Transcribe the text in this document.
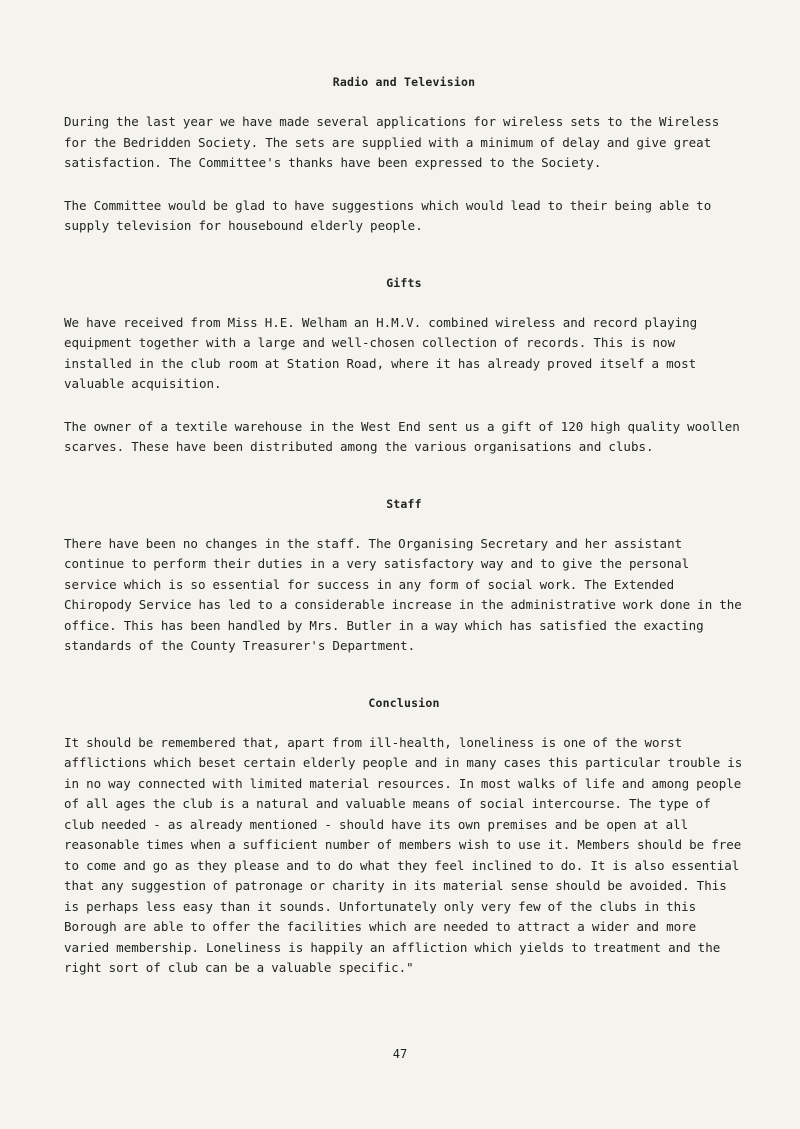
Radio and Television

During the last year we have made several applications for wireless sets to the Wireless for the Bedridden Society. The sets are supplied with a minimum of delay and give great satisfaction. The Committee's thanks have been expressed to the Society.

The Committee would be glad to have suggestions which would lead to their being able to supply television for housebound elderly people.

Gifts

We have received from Miss H.E. Welham an H.M.V. combined wireless and record playing equipment together with a large and well-chosen collection of records. This is now installed in the club room at Station Road, where it has already proved itself a most valuable acquisition.

The owner of a textile warehouse in the West End sent us a gift of 120 high quality woollen scarves. These have been distributed among the various organisations and clubs.

Staff

There have been no changes in the staff. The Organising Secretary and her assistant continue to perform their duties in a very satisfactory way and to give the personal service which is so essential for success in any form of social work. The Extended Chiropody Service has led to a considerable increase in the administrative work done in the office. This has been handled by Mrs. Butler in a way which has satisfied the exacting standards of the County Treasurer's Department.

Conclusion

It should be remembered that, apart from ill-health, loneliness is one of the worst afflictions which beset certain elderly people and in many cases this particular trouble is in no way connected with limited material resources. In most walks of life and among people of all ages the club is a natural and valuable means of social intercourse. The type of club needed - as already mentioned - should have its own premises and be open at all reasonable times when a sufficient number of members wish to use it. Members should be free to come and go as they please and to do what they feel inclined to do. It is also essential that any suggestion of patronage or charity in its material sense should be avoided. This is perhaps less easy than it sounds. Unfortunately only very few of the clubs in this Borough are able to offer the facilities which are needed to attract a wider and more varied membership. Loneliness is happily an affliction which yields to treatment and the right sort of club can be a valuable specific."

47
